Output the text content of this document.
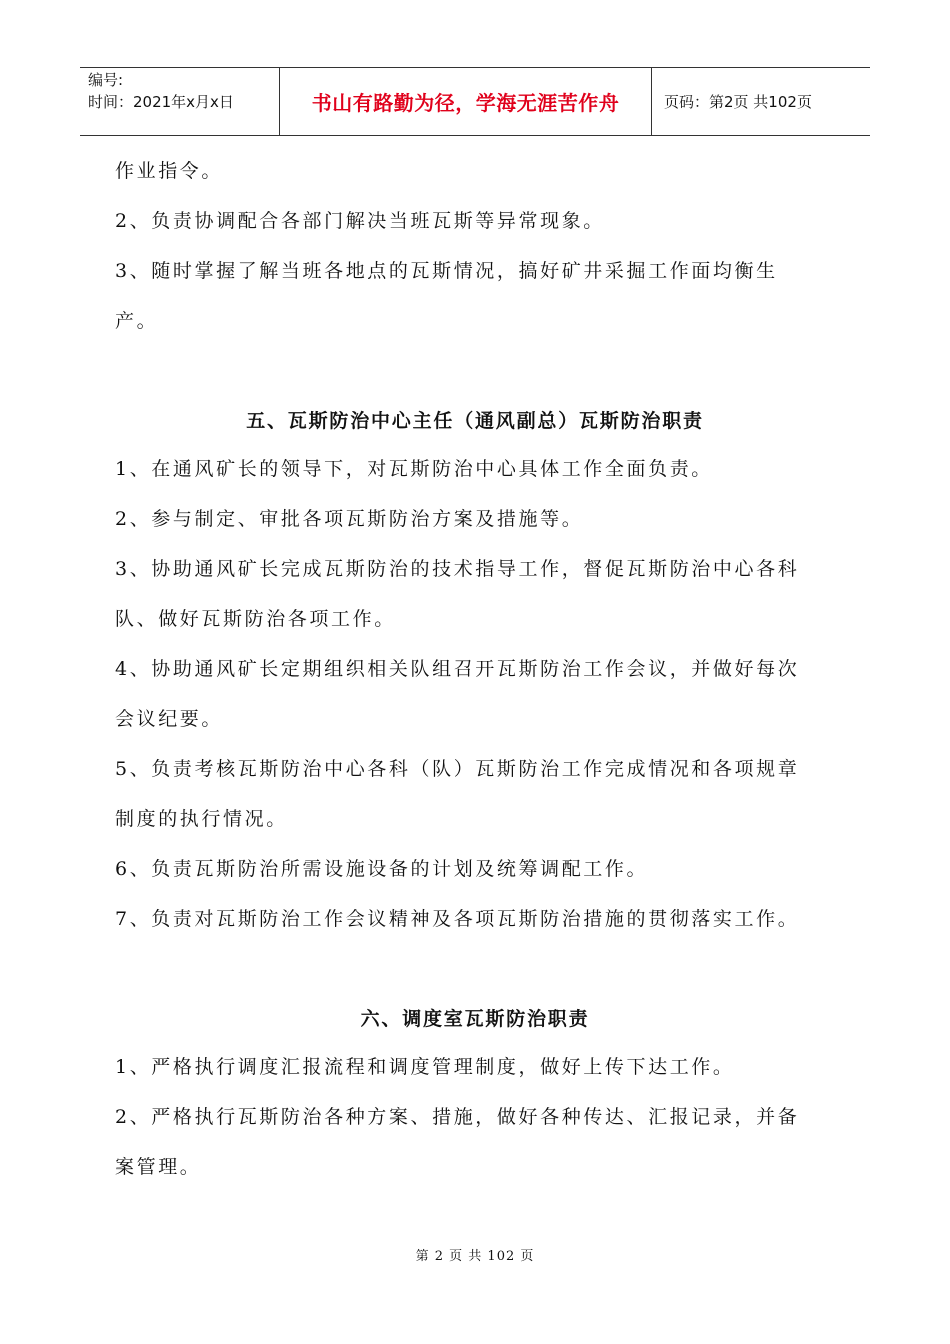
编号:
时间：2021年x月x日	书山有路勤为径，学海无涯苦作舟	页码：第2页 共102页

作业指令。

2、负责协调配合各部门解决当班瓦斯等异常现象。

3、随时掌握了解当班各地点的瓦斯情况，搞好矿井采掘工作面均衡生

产。

五、瓦斯防治中心主任（通风副总）瓦斯防治职责

1、在通风矿长的领导下，对瓦斯防治中心具体工作全面负责。

2、参与制定、审批各项瓦斯防治方案及措施等。

3、协助通风矿长完成瓦斯防治的技术指导工作，督促瓦斯防治中心各科

队、做好瓦斯防治各项工作。

4、协助通风矿长定期组织相关队组召开瓦斯防治工作会议，并做好每次

会议纪要。

5、负责考核瓦斯防治中心各科（队）瓦斯防治工作完成情况和各项规章

制度的执行情况。

6、负责瓦斯防治所需设施设备的计划及统筹调配工作。

7、负责对瓦斯防治工作会议精神及各项瓦斯防治措施的贯彻落实工作。

六、调度室瓦斯防治职责

1、严格执行调度汇报流程和调度管理制度，做好上传下达工作。

2、严格执行瓦斯防治各种方案、措施，做好各种传达、汇报记录，并备

案管理。

第 2 页 共 102 页
